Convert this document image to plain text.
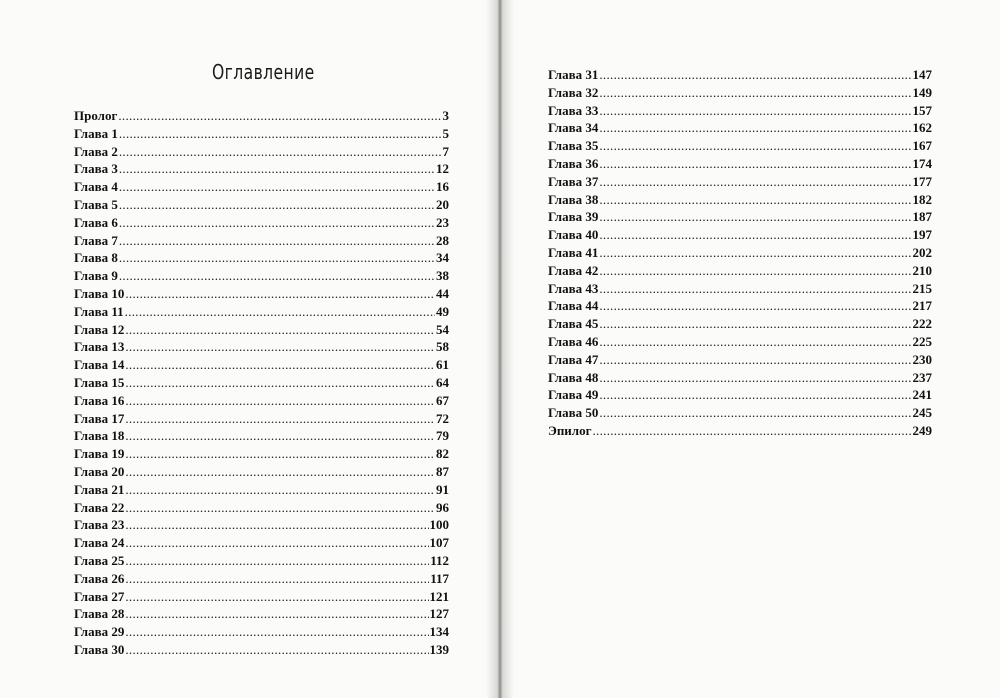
Оглавление
Пролог .....	3
Глава 1 .....	5
Глава 2 .....	7
Глава 3 .....	12
Глава 4 .....	16
Глава 5 .....	20
Глава 6 .....	23
Глава 7 .....	28
Глава 8 .....	34
Глава 9 .....	38
Глава 10 .....	44
Глава 11 .....	49
Глава 12 .....	54
Глава 13 .....	58
Глава 14 .....	61
Глава 15 .....	64
Глава 16 .....	67
Глава 17 .....	72
Глава 18 .....	79
Глава 19 .....	82
Глава 20 .....	87
Глава 21 .....	91
Глава 22 .....	96
Глава 23 .....	100
Глава 24 .....	107
Глава 25 .....	112
Глава 26 .....	117
Глава 27 .....	121
Глава 28 .....	127
Глава 29 .....	134
Глава 30 .....	139
Глава 31 .....	147
Глава 32 .....	149
Глава 33 .....	157
Глава 34 .....	162
Глава 35 .....	167
Глава 36 .....	174
Глава 37 .....	177
Глава 38 .....	182
Глава 39 .....	187
Глава 40 .....	197
Глава 41 .....	202
Глава 42 .....	210
Глава 43 .....	215
Глава 44 .....	217
Глава 45 .....	222
Глава 46 .....	225
Глава 47 .....	230
Глава 48 .....	237
Глава 49 .....	241
Глава 50 .....	245
Эпилог .....	249
